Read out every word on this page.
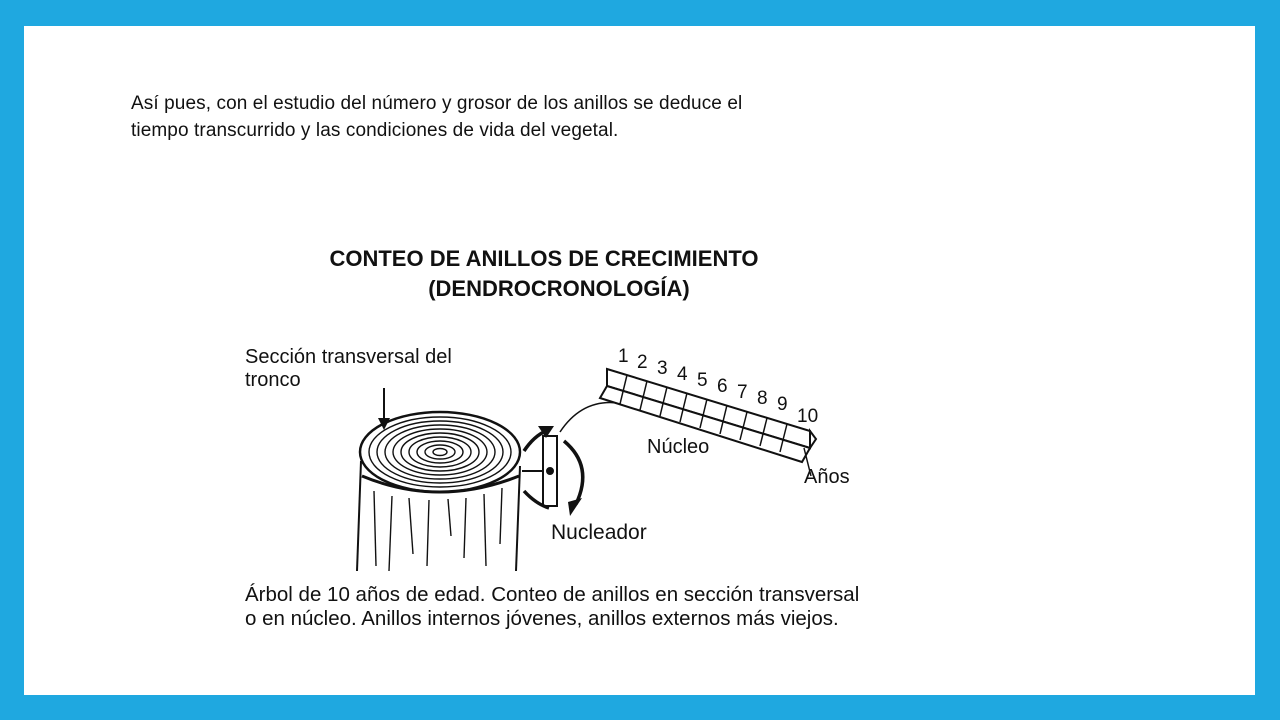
Así pues, con el estudio del número y grosor de los anillos se deduce el tiempo transcurrido y las condiciones de vida del vegetal.

CONTEO DE ANILLOS DE CRECIMIENTO
(DENDROCRONOLOGÍA)
Sección transversal del tronco
1 2 3 4 5 6 7 8 9
10
Núcleo
Años
Nucleador

Árbol de 10 años de edad. Conteo de anillos en sección transversal o en núcleo. Anillos internos jóvenes, anillos externos más viejos.
